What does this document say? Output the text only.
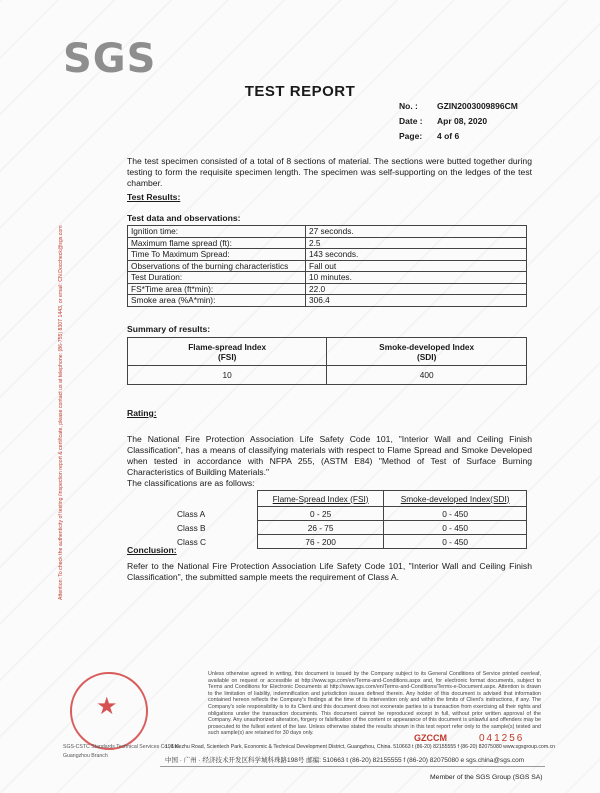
SGS
TEST REPORT
No. :	GZIN2003009896CM
Date :	Apr 08, 2020
Page:	4 of 6
Attention: To check the authenticity of testing /inspection report & certificate, please contact us at telephone: (86-755) 8307 1443, or email: CN.Doccheck@sgs.com
The test specimen consisted of a total of 8 sections of material. The sections were butted together during testing to form the requisite specimen length. The specimen was self-supporting on the ledges of the test chamber.
Test Results:
Test data and observations:
Ignition time:	27 seconds.
Maximum flame spread (ft):	2.5
Time To Maximum Spread:	143 seconds.
Observations of the burning characteristics	Fall out
Test Duration:	10 minutes.
FS*Time area (ft*min):	22.0
Smoke area (%A*min):	306.4
Summary of results:
Flame-spread Index
(FSI)	Smoke-developed Index
(SDI)
10	400
Rating:
The National Fire Protection Association Life Safety Code 101, "Interior Wall and Ceiling Finish Classification", has a means of classifying materials with respect to Flame Spread and Smoke Developed when tested in accordance with NFPA 255, (ASTM E84) "Method of Test of Surface Burning Characteristics of Building Materials."
The classifications are as follows:
	Flame-Spread Index (FSI)	Smoke-developed Index(SDI)
Class A	0 - 25	0 - 450
Class B	26 - 75	0 - 450
Class C	76 - 200	0 - 450
Conclusion:
Refer to the National Fire Protection Association Life Safety Code 101, "Interior Wall and Ceiling Finish Classification", the submitted sample meets the requirement of Class A.
Unless otherwise agreed in writing, this document is issued by the Company subject to its General Conditions of Service printed overleaf, available on request or accessible at http://www.sgs.com/en/Terms-and-Conditions.aspx and, for electronic format documents, subject to Terms and Conditions for Electronic Documents at http://www.sgs.com/en/Terms-and-Conditions/Terms-e-Document.aspx. Attention is drawn to the limitation of liability, indemnification and jurisdiction issues defined therein. Any holder of this document is advised that information contained hereon reflects the Company's findings at the time of its intervention only and within the limits of Client's instructions, if any. The Company's sole responsibility is to its Client and this document does not exonerate parties to a transaction from exercising all their rights and obligations under the transaction documents. This document cannot be reproduced except in full, without prior written approval of the Company. Any unauthorized alteration, forgery or falsification of the content or appearance of this document is unlawful and offenders may be prosecuted to the fullest extent of the law. Unless otherwise stated the results shown in this test report refer only to the sample(s) tested and such sample(s) are retained for 30 days only.
★
SGS-CSTC Standards Technical Services Co., Ltd.
Guangzhou Branch
198 Kezhu Road, Scientech Park, Economic & Technical Development District, Guangzhou, China. 510663 t (86-20) 82155555 f (86-20) 82075080 www.sgsgroup.com.cn
中国 · 广州 · 经济技术开发区科学城科珠路198号 邮编: 510663 t (86-20) 82155555 f (86-20) 82075080 e sgs.china@sgs.com
GZCCM	041256
Member of the SGS Group (SGS SA)
